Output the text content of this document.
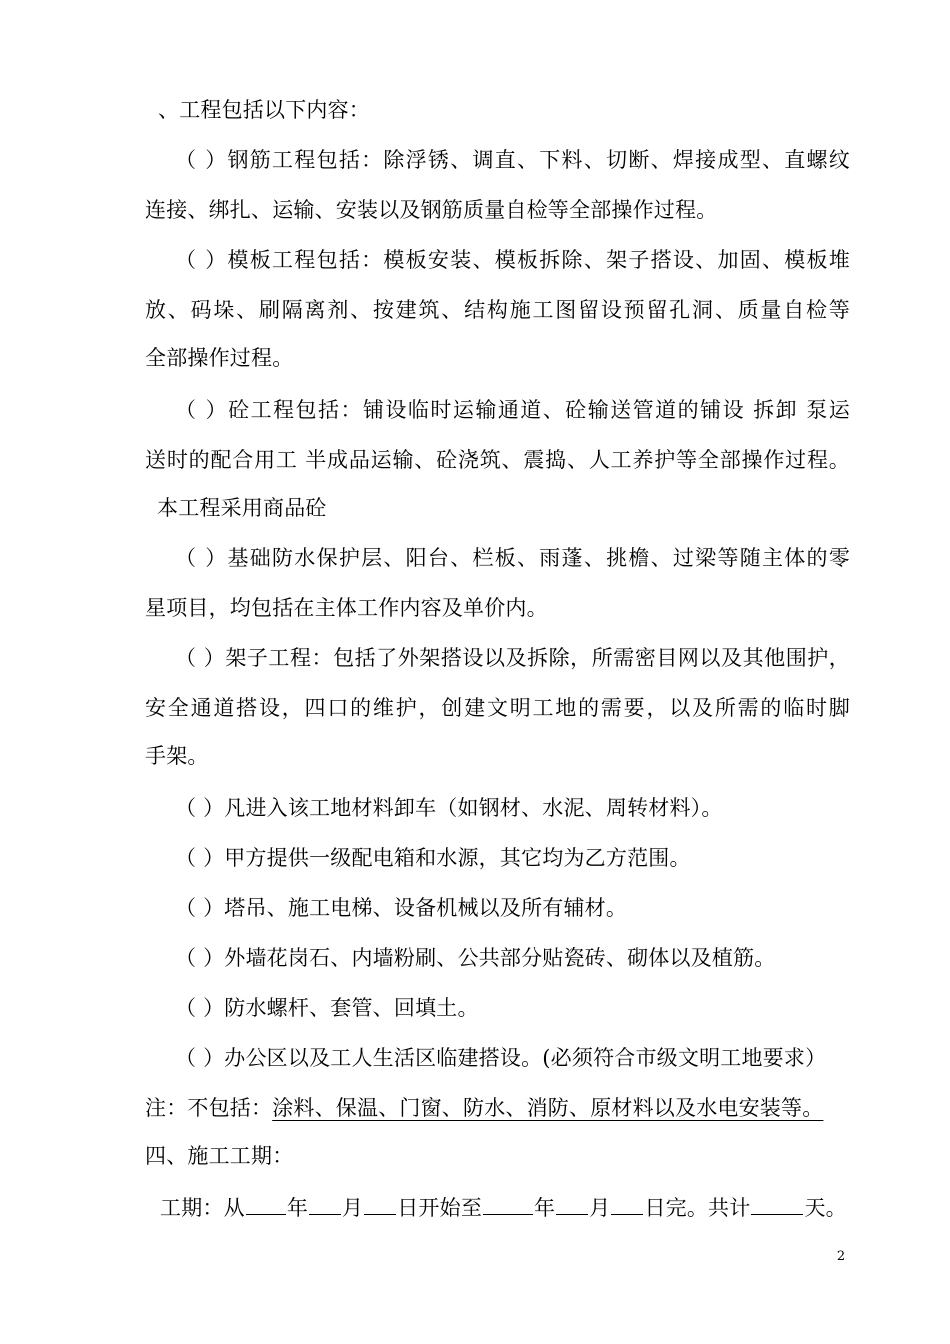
、工程包括以下内容：
（ ）钢筋工程包括：除浮锈、调直、下料、切断、焊接成型、直螺纹
连接、绑扎、运输、安装以及钢筋质量自检等全部操作过程。
（ ）模板工程包括：模板安装、模板拆除、架子搭设、加固、模板堆
放、码垛、刷隔离剂、按建筑、结构施工图留设预留孔洞、质量自检等
全部操作过程。
（ ）砼工程包括：铺设临时运输通道、砼输送管道的铺设 拆卸 泵运
送时的配合用工 半成品运输、砼浇筑、震捣、人工养护等全部操作过程。
本工程采用商品砼
（ ）基础防水保护层、阳台、栏板、雨蓬、挑檐、过梁等随主体的零
星项目，均包括在主体工作内容及单价内。
（ ）架子工程：包括了外架搭设以及拆除，所需密目网以及其他围护，
安全通道搭设，四口的维护，创建文明工地的需要，以及所需的临时脚
手架。
（ ）凡进入该工地材料卸车（如钢材、水泥、周转材料）。
（ ）甲方提供一级配电箱和水源，其它均为乙方范围。
（ ）塔吊、施工电梯、设备机械以及所有辅材。
（ ）外墙花岗石、内墙粉刷、公共部分贴瓷砖、砌体以及植筋。
（ ）防水螺杆、套管、回填土。
（ ）办公区以及工人生活区临建搭设。(必须符合市级文明工地要求）
注：不包括：涂料、保温、门窗、防水、消防、原材料以及水电安装等。
四、施工工期：
工期：从 年 月 日开始至 年 月 日完。共计	天。
2
